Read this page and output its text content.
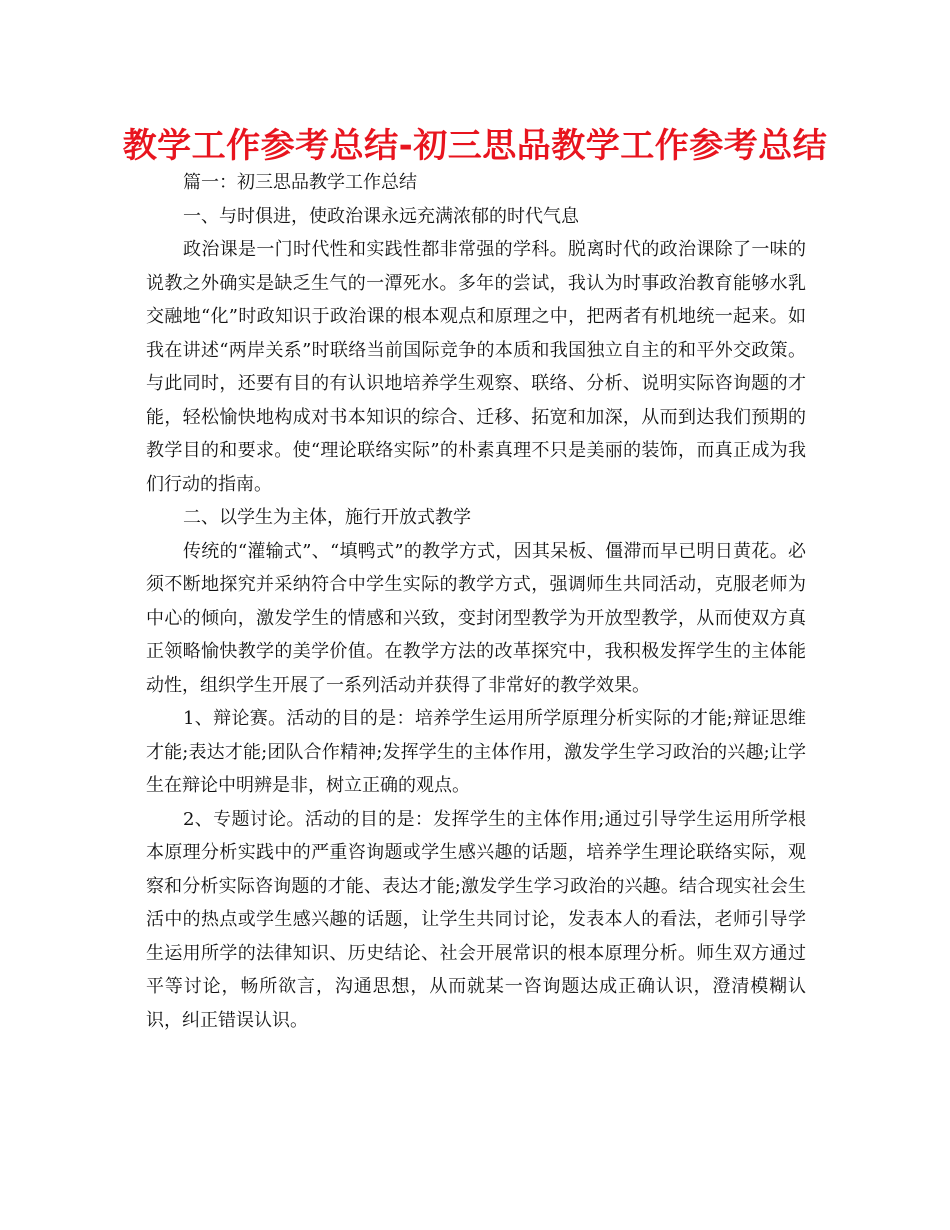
教学工作参考总结-初三思品教学工作参考总结

篇一：初三思品教学工作总结

一、与时俱进，使政治课永远充满浓郁的时代气息

政治课是一门时代性和实践性都非常强的学科。脱离时代的政治课除了一味的说教之外确实是缺乏生气的一潭死水。多年的尝试，我认为时事政治教育能够水乳交融地“化”时政知识于政治课的根本观点和原理之中，把两者有机地统一起来。如我在讲述“两岸关系”时联络当前国际竞争的本质和我国独立自主的和平外交政策。与此同时，还要有目的有认识地培养学生观察、联络、分析、说明实际咨询题的才能，轻松愉快地构成对书本知识的综合、迁移、拓宽和加深，从而到达我们预期的教学目的和要求。使“理论联络实际”的朴素真理不只是美丽的装饰，而真正成为我们行动的指南。

二、以学生为主体，施行开放式教学

传统的“灌输式”、“填鸭式”的教学方式，因其呆板、僵滞而早已明日黄花。必须不断地探究并采纳符合中学生实际的教学方式，强调师生共同活动，克服老师为中心的倾向，激发学生的情感和兴致，变封闭型教学为开放型教学，从而使双方真正领略愉快教学的美学价值。在教学方法的改革探究中，我积极发挥学生的主体能动性，组织学生开展了一系列活动并获得了非常好的教学效果。

1、辩论赛。活动的目的是：培养学生运用所学原理分析实际的才能;辩证思维才能;表达才能;团队合作精神;发挥学生的主体作用，激发学生学习政治的兴趣;让学生在辩论中明辨是非，树立正确的观点。

2、专题讨论。活动的目的是：发挥学生的主体作用;通过引导学生运用所学根本原理分析实践中的严重咨询题或学生感兴趣的话题，培养学生理论联络实际，观察和分析实际咨询题的才能、表达才能;激发学生学习政治的兴趣。结合现实社会生活中的热点或学生感兴趣的话题，让学生共同讨论，发表本人的看法，老师引导学生运用所学的法律知识、历史结论、社会开展常识的根本原理分析。师生双方通过平等讨论，畅所欲言，沟通思想，从而就某一咨询题达成正确认识，澄清模糊认识，纠正错误认识。
